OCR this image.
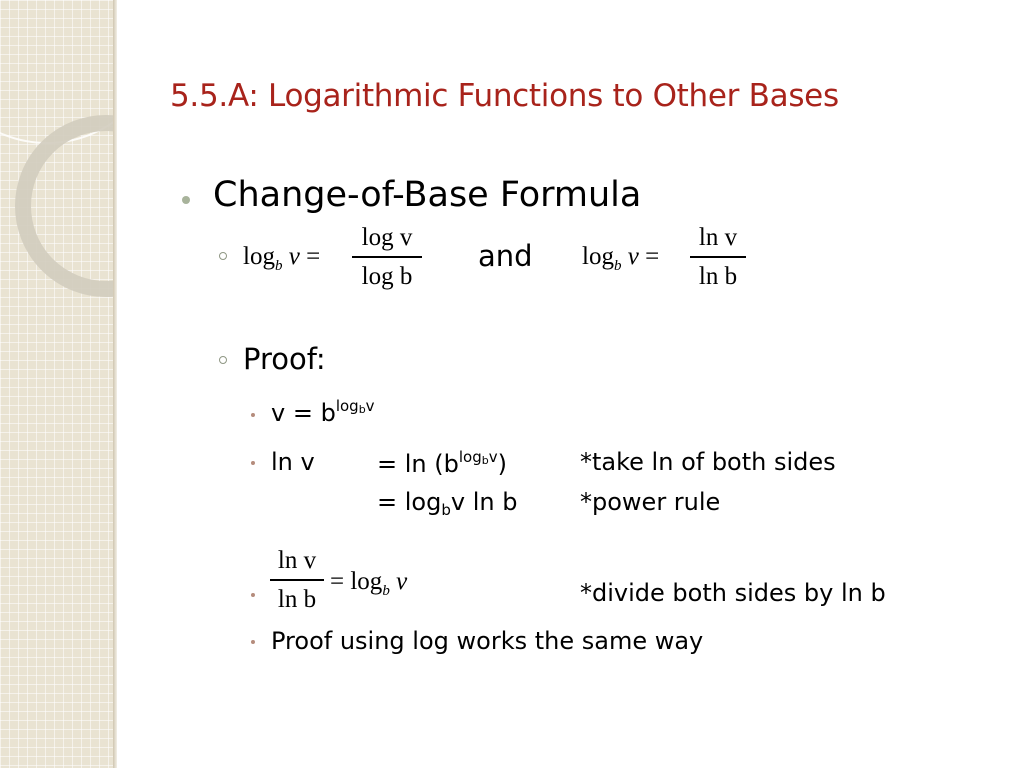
5.5.A: Logarithmic Functions to Other Bases
Change-of-Base Formula
$\log_b v$ =
log v
log b
and $\log_b v$ =
ln v
ln b
Proof:
$v = b^{logbv}$
ln v	= $\ln (b^{logbv})$	*take ln of both sides
= $\log_bv$ ln b	*power rule
ln v
ln b
= $\log_b v$	*divide both sides by ln b
Proof using log works the same way
